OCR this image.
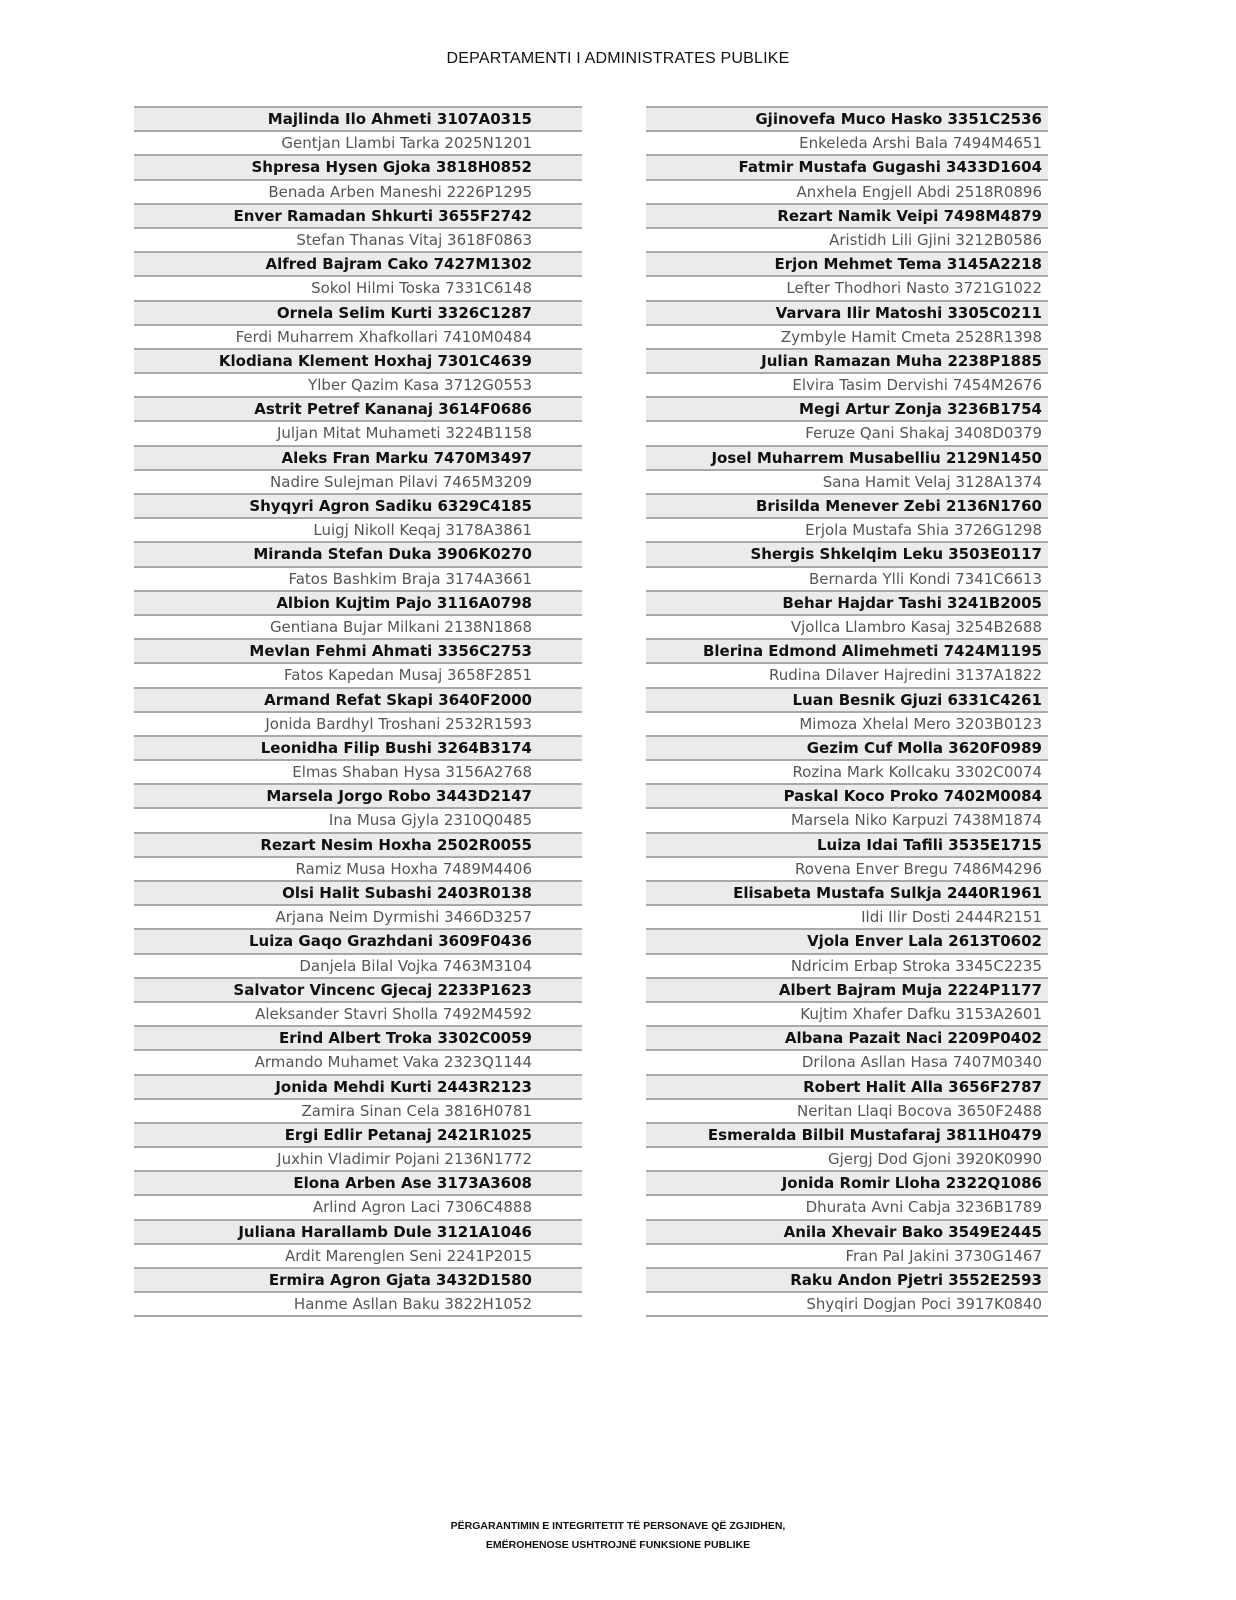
DEPARTAMENTI I ADMINISTRATES PUBLIKE
Majlinda Ilo Ahmeti 3107A0315
Gentjan Llambi Tarka 2025N1201
Shpresa Hysen Gjoka 3818H0852
Benada Arben Maneshi 2226P1295
Enver Ramadan Shkurti 3655F2742
Stefan Thanas Vitaj 3618F0863
Alfred Bajram Cako 7427M1302
Sokol Hilmi Toska 7331C6148
Ornela Selim Kurti 3326C1287
Ferdi Muharrem Xhafkollari 7410M0484
Klodiana Klement Hoxhaj 7301C4639
Ylber Qazim Kasa 3712G0553
Astrit Petref Kananaj 3614F0686
Juljan Mitat Muhameti 3224B1158
Aleks Fran Marku 7470M3497
Nadire Sulejman Pilavi 7465M3209
Shyqyri Agron Sadiku 6329C4185
Luigj Nikoll Keqaj 3178A3861
Miranda Stefan Duka 3906K0270
Fatos Bashkim Braja 3174A3661
Albion Kujtim Pajo 3116A0798
Gentiana Bujar Milkani 2138N1868
Mevlan Fehmi Ahmati 3356C2753
Fatos Kapedan Musaj 3658F2851
Armand Refat Skapi 3640F2000
Jonida Bardhyl Troshani 2532R1593
Leonidha Filip Bushi 3264B3174
Elmas Shaban Hysa 3156A2768
Marsela Jorgo Robo 3443D2147
Ina Musa Gjyla 2310Q0485
Rezart Nesim Hoxha 2502R0055
Ramiz Musa Hoxha 7489M4406
Olsi Halit Subashi 2403R0138
Arjana Neim Dyrmishi 3466D3257
Luiza Gaqo Grazhdani 3609F0436
Danjela Bilal Vojka 7463M3104
Salvator Vincenc Gjecaj 2233P1623
Aleksander Stavri Sholla 7492M4592
Erind Albert Troka 3302C0059
Armando Muhamet Vaka 2323Q1144
Jonida Mehdi Kurti 2443R2123
Zamira Sinan Cela 3816H0781
Ergi Edlir Petanaj 2421R1025
Juxhin Vladimir Pojani 2136N1772
Elona Arben Ase 3173A3608
Arlind Agron Laci 7306C4888
Juliana Harallamb Dule 3121A1046
Ardit Marenglen Seni 2241P2015
Ermira Agron Gjata 3432D1580
Hanme Asllan Baku 3822H1052
Gjinovefa Muco Hasko 3351C2536
Enkeleda Arshi Bala 7494M4651
Fatmir Mustafa Gugashi 3433D1604
Anxhela Engjell Abdi 2518R0896
Rezart Namik Veipi 7498M4879
Aristidh Lili Gjini 3212B0586
Erjon Mehmet Tema 3145A2218
Lefter Thodhori Nasto 3721G1022
Varvara Ilir Matoshi 3305C0211
Zymbyle Hamit Cmeta 2528R1398
Julian Ramazan Muha 2238P1885
Elvira Tasim Dervishi 7454M2676
Megi Artur Zonja 3236B1754
Feruze Qani Shakaj 3408D0379
Josel Muharrem Musabelliu 2129N1450
Sana Hamit Velaj 3128A1374
Brisilda Menever Zebi 2136N1760
Erjola Mustafa Shia 3726G1298
Shergis Shkelqim Leku 3503E0117
Bernarda Ylli Kondi 7341C6613
Behar Hajdar Tashi 3241B2005
Vjollca Llambro Kasaj 3254B2688
Blerina Edmond Alimehmeti 7424M1195
Rudina Dilaver Hajredini 3137A1822
Luan Besnik Gjuzi 6331C4261
Mimoza Xhelal Mero 3203B0123
Gezim Cuf Molla 3620F0989
Rozina Mark Kollcaku 3302C0074
Paskal Koco Proko 7402M0084
Marsela Niko Karpuzi 7438M1874
Luiza Idai Tafili 3535E1715
Rovena Enver Bregu 7486M4296
Elisabeta Mustafa Sulkja 2440R1961
Ildi Ilir Dosti 2444R2151
Vjola Enver Lala 2613T0602
Ndricim Erbap Stroka 3345C2235
Albert Bajram Muja 2224P1177
Kujtim Xhafer Dafku 3153A2601
Albana Pazait Naci 2209P0402
Drilona Asllan Hasa 7407M0340
Robert Halit Alla 3656F2787
Neritan Llaqi Bocova 3650F2488
Esmeralda Bilbil Mustafaraj 3811H0479
Gjergj Dod Gjoni 3920K0990
Jonida Romir Lloha 2322Q1086
Dhurata Avni Cabja 3236B1789
Anila Xhevair Bako 3549E2445
Fran Pal Jakini 3730G1467
Raku Andon Pjetri 3552E2593
Shyqiri Dogjan Poci 3917K0840
PËRGARANTIMIN E INTEGRITETIT TË PERSONAVE QË ZGJIDHEN,
EMËROHENOSE USHTROJNË FUNKSIONE PUBLIKE
